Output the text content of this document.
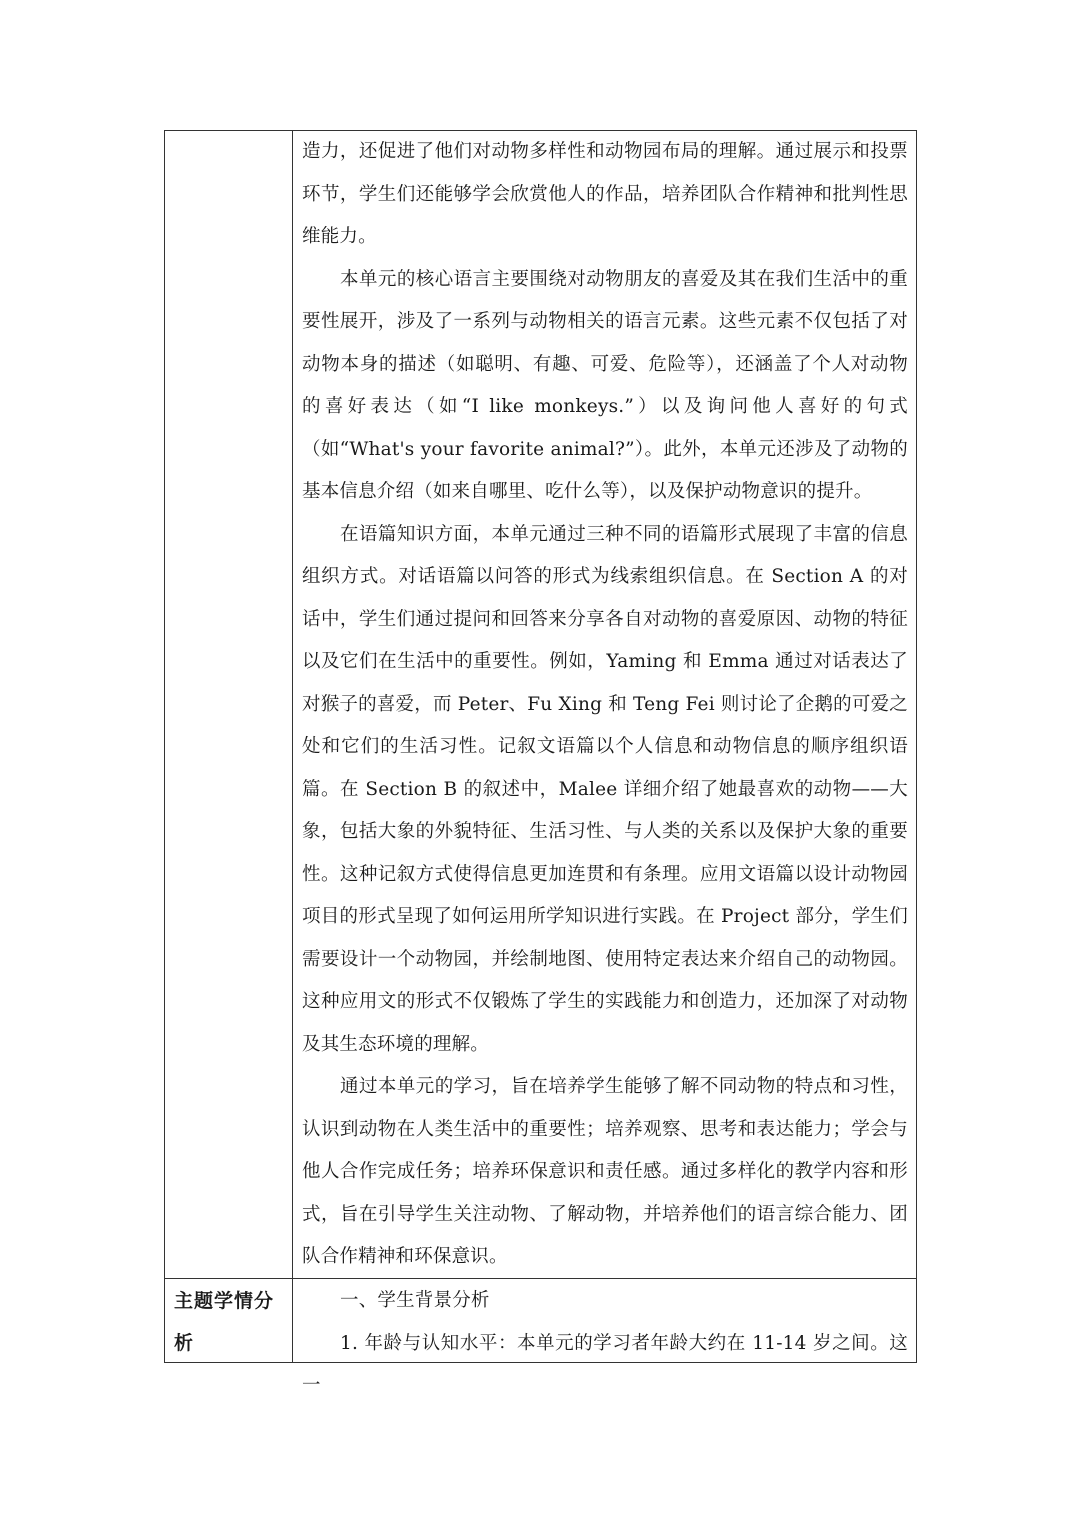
造力，还促进了他们对动物多样性和动物园布局的理解。通过展示和投票环节，学生们还能够学会欣赏他人的作品，培养团队合作精神和批判性思维能力。

本单元的核心语言主要围绕对动物朋友的喜爱及其在我们生活中的重要性展开，涉及了一系列与动物相关的语言元素。这些元素不仅包括了对动物本身的描述（如聪明、有趣、可爱、危险等），还涵盖了个人对动物的喜好表达（如“I like monkeys.”）以及询问他人喜好的句式（如“What's your favorite animal?”）。此外，本单元还涉及了动物的基本信息介绍（如来自哪里、吃什么等），以及保护动物意识的提升。

在语篇知识方面，本单元通过三种不同的语篇形式展现了丰富的信息组织方式。对话语篇以问答的形式为线索组织信息。在 Section A 的对话中，学生们通过提问和回答来分享各自对动物的喜爱原因、动物的特征以及它们在生活中的重要性。例如，Yaming 和 Emma 通过对话表达了对猴子的喜爱，而 Peter、Fu Xing 和 Teng Fei 则讨论了企鹅的可爱之处和它们的生活习性。记叙文语篇以个人信息和动物信息的顺序组织语篇。在 Section B 的叙述中，Malee 详细介绍了她最喜欢的动物——大象，包括大象的外貌特征、生活习性、与人类的关系以及保护大象的重要性。这种记叙方式使得信息更加连贯和有条理。应用文语篇以设计动物园项目的形式呈现了如何运用所学知识进行实践。在 Project 部分，学生们需要设计一个动物园，并绘制地图、使用特定表达来介绍自己的动物园。这种应用文的形式不仅锻炼了学生的实践能力和创造力，还加深了对动物及其生态环境的理解。

通过本单元的学习，旨在培养学生能够了解不同动物的特点和习性，认识到动物在人类生活中的重要性；培养观察、思考和表达能力；学会与他人合作完成任务；培养环保意识和责任感。通过多样化的教学内容和形式，旨在引导学生关注动物、了解动物，并培养他们的语言综合能力、团队合作精神和环保意识。

主题学情分析

一、学生背景分析

1. 年龄与认知水平：本单元的学习者年龄大约在 11-14 岁之间。这一
